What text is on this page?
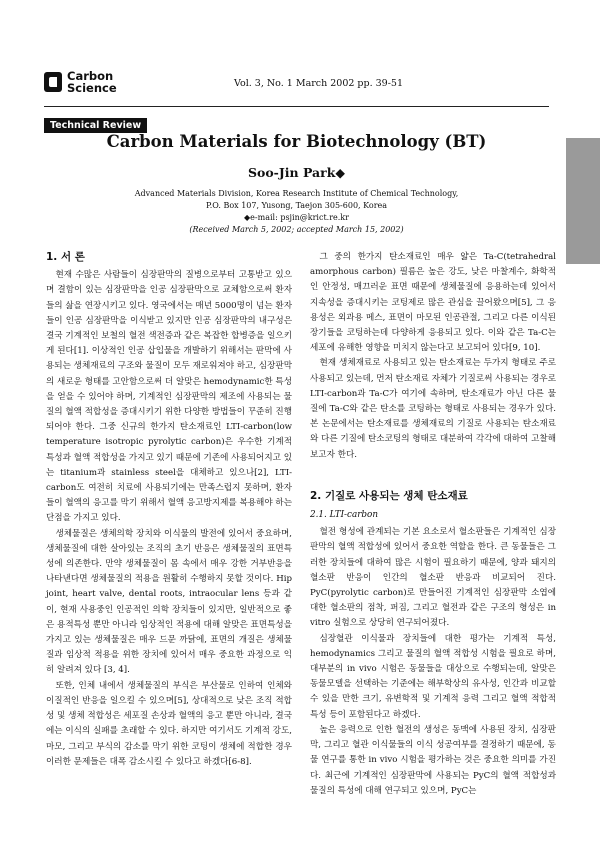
Carbon
Science	Vol. 3, No. 1 March 2002 pp. 39-51
Technical Review
Carbon Materials for Biotechnology (BT)
Soo-Jin Park◆
Advanced Materials Division, Korea Research Institute of Chemical Technology,
P.O. Box 107, Yusong, Taejon 305-600, Korea
◆e-mail: psjin@krict.re.kr
(Received March 5, 2002; accepted March 15, 2002)
1. 서 론

현재 수많은 사람들이 심장판막의 질병으로부터 고통받고 있으며 결함이 있는 심장판막을 인공 심장판막으로 교체함으로써 환자들의 삶을 연장시키고 있다. 영국에서는 매년 5000명이 넘는 환자들이 인공 심장판막을 이식받고 있지만 인공 심장판막의 내구성은 결국 기계적인 보철의 혈전 색전증과 같은 복잡한 합병증을 일으키게 된다[1]. 이상적인 인공 삽입물을 개발하기 위해서는 판막에 사용되는 생체재료의 구조와 물질이 모두 재로워져야 하고, 심장판막의 새로운 형태를 고안함으로써 더 알맞은 hemodynamic한 특성을 얻을 수 있어야 하며, 기계적인 심장판막의 제조에 사용되는 물질의 혈액 적합성을 증대시키기 위한 다양한 방법들이 꾸준히 진행되어야 한다. 그중 신규의 한가지 탄소재료인 LTI-carbon(low temperature isotropic pyrolytic carbon)은 우수한 기계적 특성과 혈액 적합성을 가지고 있기 때문에 기존에 사용되어지고 있는 titanium과 stainless steel을 대체하고 있으나[2], LTI-carbon도 여전히 치료에 사용되기에는 만족스럽지 못하며, 환자들이 혈액의 응고를 막기 위해서 혈액 응고방지제를 복용해야 하는 단점을 가지고 있다.

생체물질은 생체의학 장치와 이식물의 발전에 있어서 중요하며, 생체물질에 대한 살아있는 조직의 초기 반응은 생체물질의 표면특성에 의존한다. 만약 생체물질이 몸 속에서 매우 강한 거부반응을 나타낸다면 생체물질의 적용을 원활히 수행하지 못할 것이다. Hip joint, heart valve, dental roots, intraocular lens 등과 같이, 현재 사용중인 인공적인 의학 장치들이 있지만, 일반적으로 좋은 용적특성 뿐만 아니라 임상적인 적용에 대해 알맞은 표면특성을 가지고 있는 생체물질은 매우 드문 까닭에, 표면의 개질은 생체물질과 임상적 적용을 위한 장치에 있어서 매우 중요한 과정으로 익히 알려져 있다 [3, 4].

또한, 인체 내에서 생체물질의 부식은 부산물로 인하여 인체와 이질적인 반응을 일으킬 수 있으며[5], 상대적으로 낮은 조직 적합성 및 생체 적합성은 세포질 손상과 혈액의 응고 뿐만 아니라, 결국에는 이식의 실패를 초래할 수 있다. 하지만 여기서도 기계적 강도, 마모, 그리고 부식의 감소를 막기 위한 코팅이 생체에 적합한 경우 이러한 문제들은 대폭 감소시킬 수 있다고 하겠다[6-8].

그 중의 한가지 탄소재료인 매우 얇은 Ta-C(tetrahedral amorphous carbon) 필름은 높은 강도, 낮은 마찰계수, 화학적인 안정성, 매끄러운 표면 때문에 생체물질에 응용하는데 있어서 지속성을 증대시키는 코팅제로 많은 관심을 끌어왔으며[5], 그 응용성은 외과용 메스, 표면이 마모된 인공관절, 그리고 다른 이식된 장기들을 코팅하는데 다양하게 응용되고 있다. 이와 같은 Ta-C는 세포에 유해한 영향을 미치지 않는다고 보고되어 있다[9, 10].

현재 생체재료로 사용되고 있는 탄소재료는 두가지 형태로 주로 사용되고 있는데, 먼저 탄소재료 자체가 기질로써 사용되는 경우로 LTI-carbon과 Ta-C가 여기에 속하며, 탄소재료가 아닌 다른 물질에 Ta-C와 같은 탄소를 코팅하는 형태로 사용되는 경우가 있다. 본 논문에서는 탄소재료를 생체재료의 기질로 사용되는 탄소재료와 다른 기질에 탄소코팅의 형태로 대분하여 각각에 대하여 고찰해 보고자 한다.

2. 기질로 사용되는 생체 탄소재료
2.1. LTI-carbon

혈전 형성에 관계되는 기본 요소로서 혈소판들은 기계적인 심장판막의 혈액 적합성에 있어서 중요한 역할을 한다. 큰 동물들은 그러한 장치들에 대하여 많은 시험이 필요하기 때문에, 양과 돼지의 혈소판 반응이 인간의 혈소판 반응과 비교되어 진다. PyC(pyrolytic carbon)로 만들어진 기계적인 심장판막 소엽에 대한 혈소판의 점착, 퍼짐, 그리고 혈전과 같은 구조의 형성은 in vitro 실험으로 상당히 연구되어졌다.

심장혈관 이식물과 장치들에 대한 평가는 기계적 특성, hemodynamics 그리고 물질의 혈액 적합성 시험을 필요로 하며, 대부분의 in vivo 시험은 동물들을 대상으로 수행되는데, 알맞은 동물모델을 선택하는 기준에는 해부학상의 유사성, 인간과 비교할 수 있을 만한 크기, 유변학적 및 기계적 응력 그리고 혈액 적합적 특성 등이 포함된다고 하겠다.

높은 응력으로 인한 혈전의 생성은 동맥에 사용된 장치, 심장판막, 그리고 혈관 이식물들의 이식 성공여부를 결정하기 때문에, 동물 연구를 통한 in vivo 시험을 평가하는 것은 중요한 의미를 가진다. 최근에 기계적인 심장판막에 사용되는 PyC의 혈액 적합성과 물질의 특성에 대해 연구되고 있으며, PyC는
